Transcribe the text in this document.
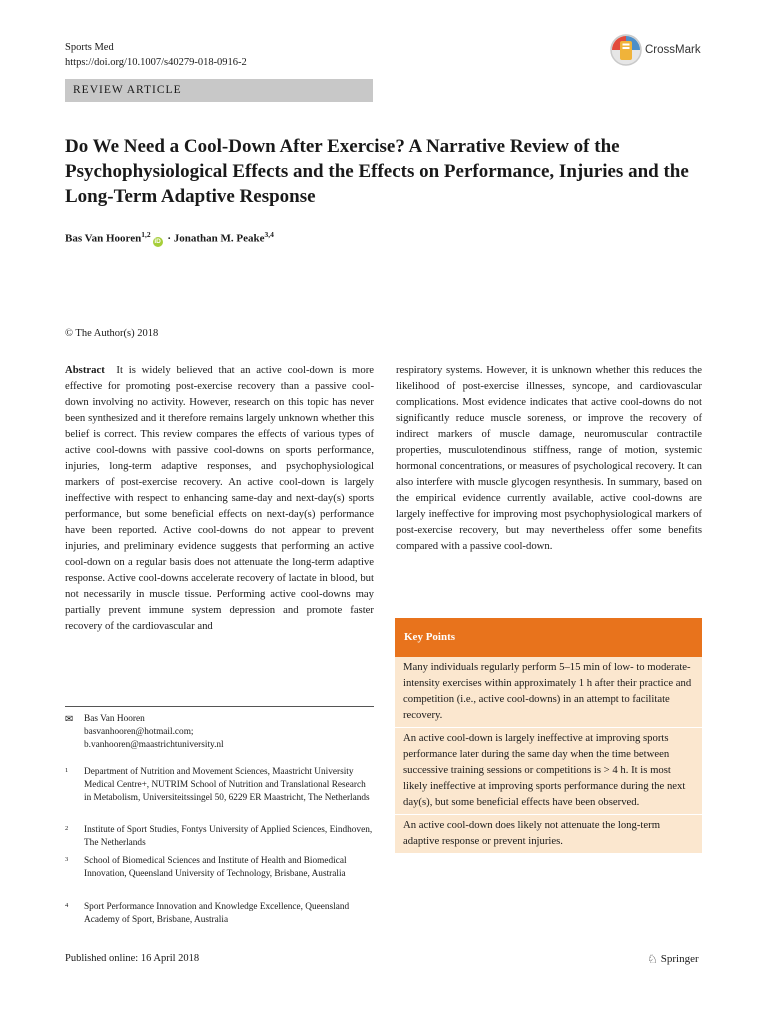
Sports Med
https://doi.org/10.1007/s40279-018-0916-2
CrossMark
REVIEW ARTICLE
Do We Need a Cool-Down After Exercise? A Narrative Review of the Psychophysiological Effects and the Effects on Performance, Injuries and the Long-Term Adaptive Response
Bas Van Hooren$^{1,2}$iD · Jonathan M. Peake$^{3,4}$
© The Author(s) 2018
Abstract It is widely believed that an active cool-down is more effective for promoting post-exercise recovery than a passive cool-down involving no activity. However, research on this topic has never been synthesized and it therefore remains largely unknown whether this belief is correct. This review compares the effects of various types of active cool-downs with passive cool-downs on sports performance, injuries, long-term adaptive responses, and psychophysiological markers of post-exercise recovery. An active cool-down is largely ineffective with respect to enhancing same-day and next-day(s) sports performance, but some beneficial effects on next-day(s) performance have been reported. Active cool-downs do not appear to prevent injuries, and preliminary evidence suggests that performing an active cool-down on a regular basis does not attenuate the long-term adaptive response. Active cool-downs accelerate recovery of lactate in blood, but not necessarily in muscle tissue. Performing active cool-downs may partially prevent immune system depression and promote faster recovery of the cardiovascular and
respiratory systems. However, it is unknown whether this reduces the likelihood of post-exercise illnesses, syncope, and cardiovascular complications. Most evidence indicates that active cool-downs do not significantly reduce muscle soreness, or improve the recovery of indirect markers of muscle damage, neuromuscular contractile properties, musculotendinous stiffness, range of motion, systemic hormonal concentrations, or measures of psychological recovery. It can also interfere with muscle glycogen resynthesis. In summary, based on the empirical evidence currently available, active cool-downs are largely ineffective for improving most psychophysiological markers of post-exercise recovery, but may nevertheless offer some benefits compared with a passive cool-down.
✉ Bas Van Hooren
basvanhooren@hotmail.com;
b.vanhooren@maastrichtuniversity.nl
1 Department of Nutrition and Movement Sciences, Maastricht University Medical Centre+, NUTRIM School of Nutrition and Translational Research in Metabolism, Universiteitssingel 50, 6229 ER Maastricht, The Netherlands
2 Institute of Sport Studies, Fontys University of Applied Sciences, Eindhoven, The Netherlands
3 School of Biomedical Sciences and Institute of Health and Biomedical Innovation, Queensland University of Technology, Brisbane, Australia
4 Sport Performance Innovation and Knowledge Excellence, Queensland Academy of Sport, Brisbane, Australia
Key Points
Many individuals regularly perform 5–15 min of low- to moderate-intensity exercises within approximately 1 h after their practice and competition (i.e., active cool-downs) in an attempt to facilitate recovery.
An active cool-down is largely ineffective at improving sports performance later during the same day when the time between successive training sessions or competitions is > 4 h. It is most likely ineffective at improving sports performance during the next day(s), but some beneficial effects have been observed.
An active cool-down does likely not attenuate the long-term adaptive response or prevent injuries.
Published online: 16 April 2018	♘ Springer
